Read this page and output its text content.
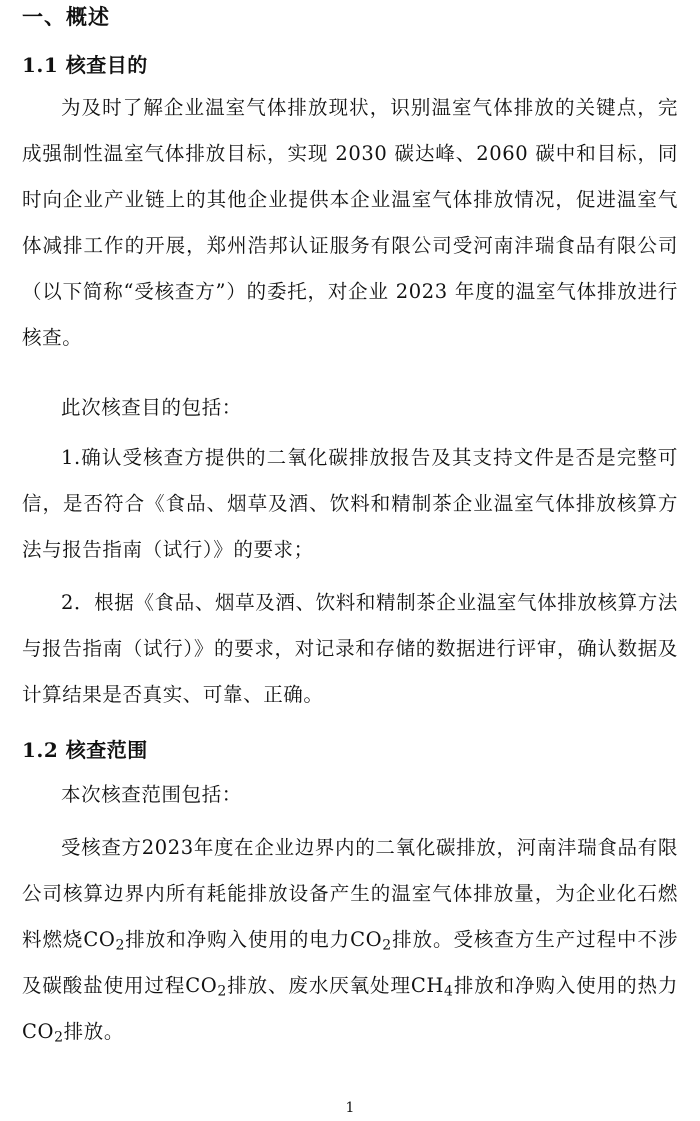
一、概述
1.1 核查目的
为及时了解企业温室气体排放现状，识别温室气体排放的关键点，完成强制性温室气体排放目标，实现 2030 碳达峰、2060 碳中和目标，同时向企业产业链上的其他企业提供本企业温室气体排放情况，促进温室气体减排工作的开展，郑州浩邦认证服务有限公司受河南沣瑞食品有限公司（以下简称“受核查方”）的委托，对企业 2023 年度的温室气体排放进行核查。
此次核查目的包括：
1.确认受核查方提供的二氧化碳排放报告及其支持文件是否是完整可信，是否符合《食品、烟草及酒、饮料和精制茶企业温室气体排放核算方法与报告指南（试行）》的要求；
2．根据《食品、烟草及酒、饮料和精制茶企业温室气体排放核算方法与报告指南（试行）》的要求，对记录和存储的数据进行评审，确认数据及计算结果是否真实、可靠、正确。
1.2 核查范围
本次核查范围包括：
受核查方2023年度在企业边界内的二氧化碳排放，河南沣瑞食品有限公司核算边界内所有耗能排放设备产生的温室气体排放量，为企业化石燃料燃烧$CO_2$排放和净购入使用的电力$CO_2$排放。受核查方生产过程中不涉及碳酸盐使用过程$CO_2$排放、废水厌氧处理$CH_4$排放和净购入使用的热力$CO_2$排放。
1
